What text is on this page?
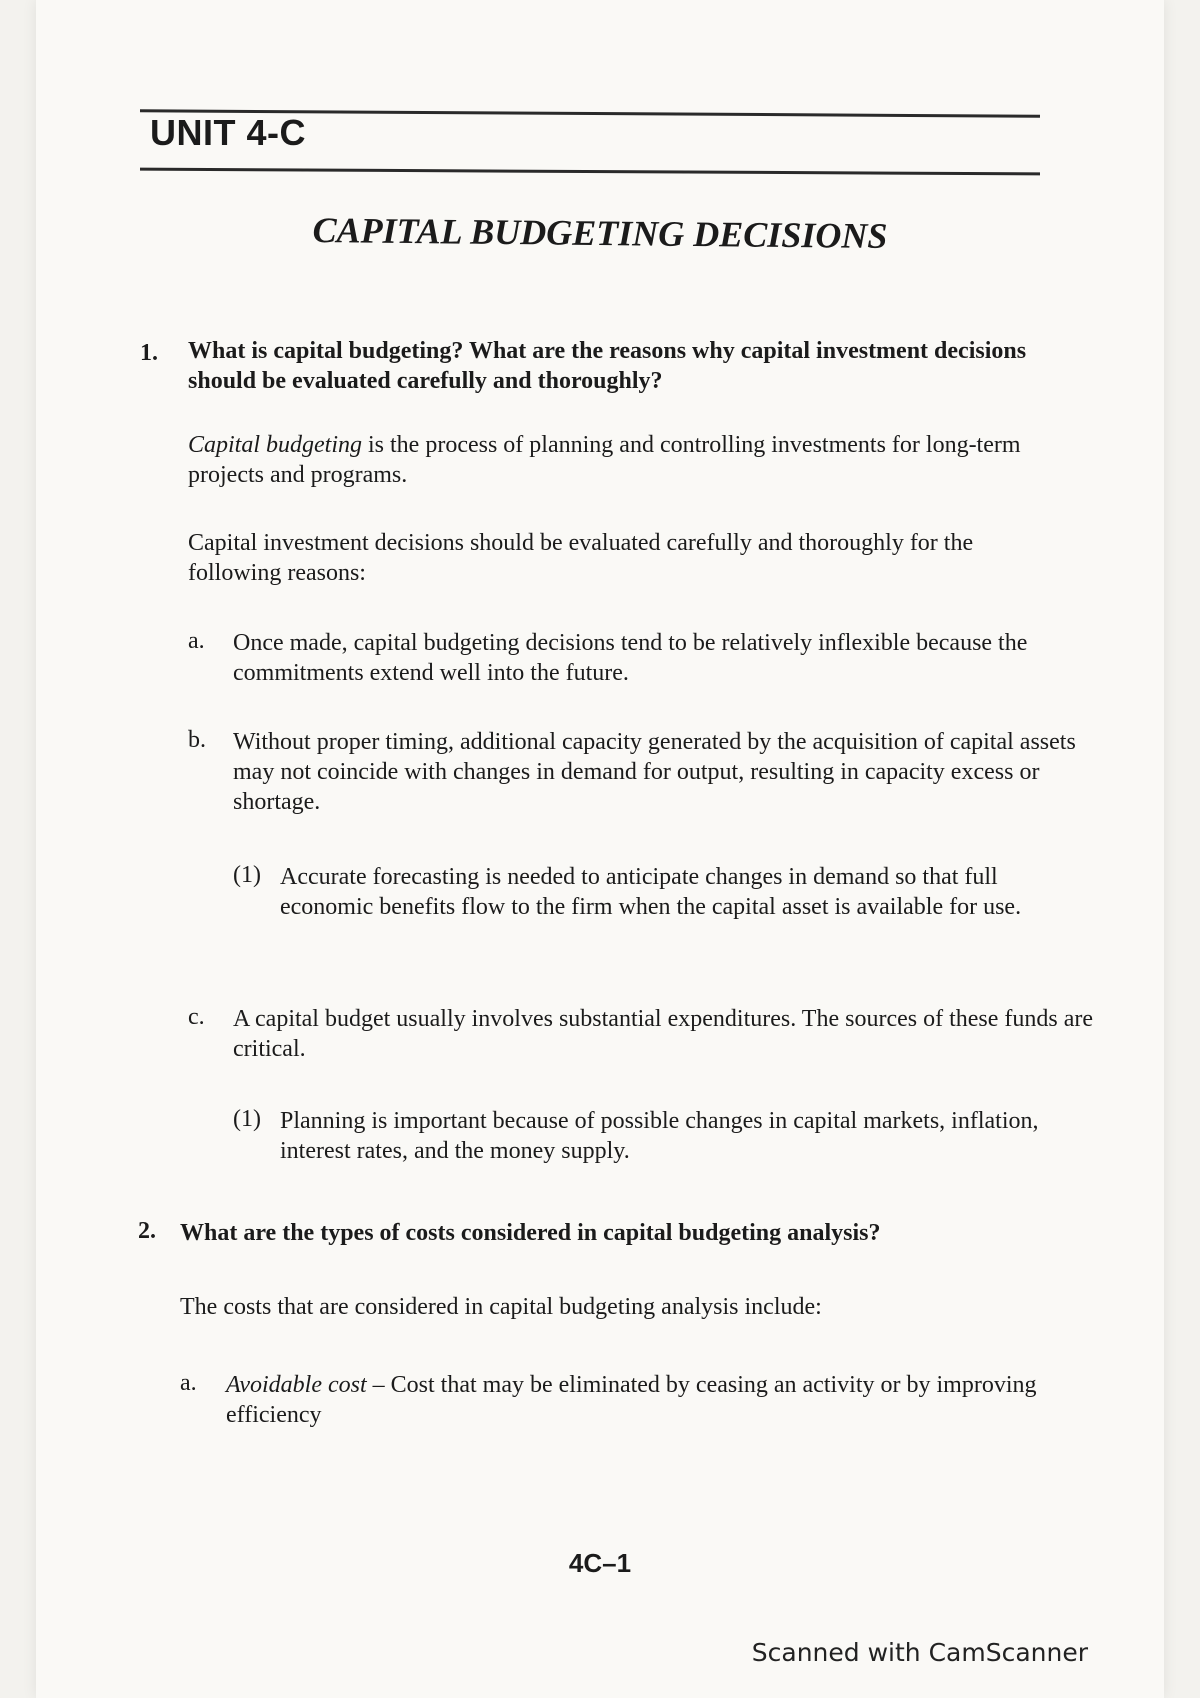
UNIT 4-C
CAPITAL BUDGETING DECISIONS
1. What is capital budgeting? What are the reasons why capital investment decisions should be evaluated carefully and thoroughly?
Capital budgeting is the process of planning and controlling investments for long-term projects and programs.
Capital investment decisions should be evaluated carefully and thoroughly for the following reasons:
a. Once made, capital budgeting decisions tend to be relatively inflexible because the commitments extend well into the future.
b. Without proper timing, additional capacity generated by the acquisition of capital assets may not coincide with changes in demand for output, resulting in capacity excess or shortage.
(1) Accurate forecasting is needed to anticipate changes in demand so that full economic benefits flow to the firm when the capital asset is available for use.
c. A capital budget usually involves substantial expenditures. The sources of these funds are critical.
(1) Planning is important because of possible changes in capital markets, inflation, interest rates, and the money supply.
2. What are the types of costs considered in capital budgeting analysis?
The costs that are considered in capital budgeting analysis include:
a. Avoidable cost – Cost that may be eliminated by ceasing an activity or by improving efficiency
4C–1
Scanned with CamScanner
